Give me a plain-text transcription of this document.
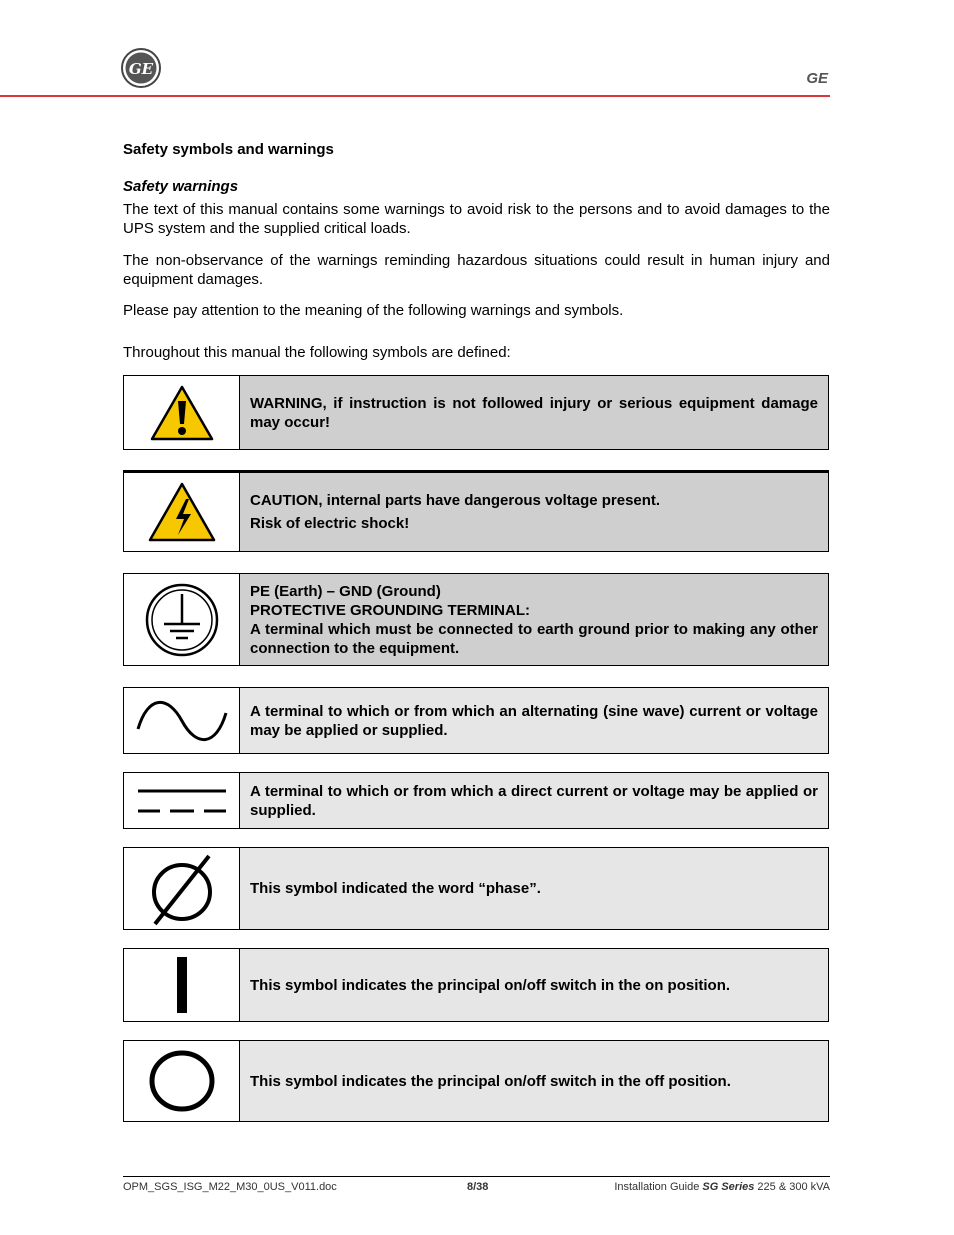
GE
GE
Safety symbols and warnings
Safety warnings
The text of this manual contains some warnings to avoid risk to the persons and to avoid damages to the UPS system and the supplied critical loads.
The non-observance of the warnings reminding hazardous situations could result in human injury and equipment damages.
Please pay attention to the meaning of the following warnings and symbols.
Throughout this manual the following symbols are defined:
WARNING, if instruction is not followed injury or serious equipment damage may occur!
CAUTION, internal parts have dangerous voltage present.
Risk of electric shock!
PE (Earth) – GND (Ground)
PROTECTIVE GROUNDING TERMINAL:
A terminal which must be connected to earth ground prior to making any other connection to the equipment.
A terminal to which or from which an alternating (sine wave) current or voltage may be applied or supplied.
A terminal to which or from which a direct current or voltage may be applied or supplied.
This symbol indicated the word “phase”.
This symbol indicates the principal on/off switch in the on position.
This symbol indicates the principal on/off switch in the off position.
OPM_SGS_ISG_M22_M30_0US_V011.doc	8/38	Installation Guide SG Series 225 & 300 kVA
